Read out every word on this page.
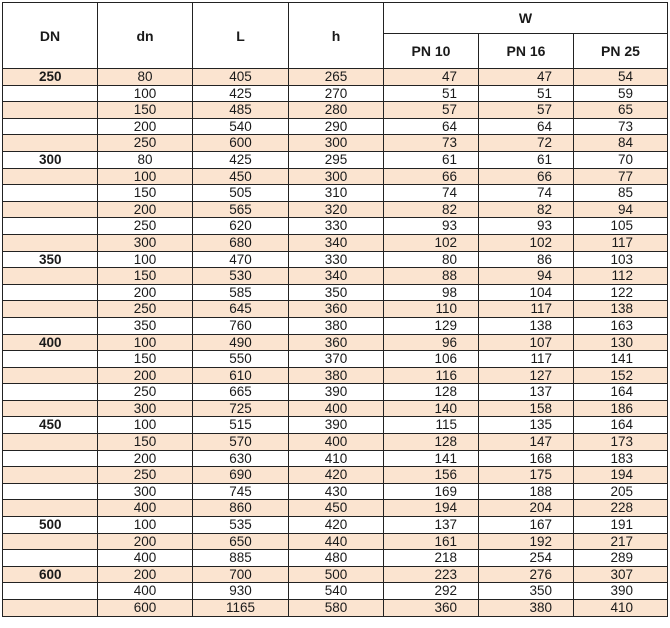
DN	dn	L	h	W		
				PN 10	PN 16	PN 25
250	80	405	265	47	47	54
	100	425	270	51	51	59
	150	485	280	57	57	65
	200	540	290	64	64	73
	250	600	300	73	72	84
300	80	425	295	61	61	70
	100	450	300	66	66	77
	150	505	310	74	74	85
	200	565	320	82	82	94
	250	620	330	93	93	105
	300	680	340	102	102	117
350	100	470	330	80	86	103
	150	530	340	88	94	112
	200	585	350	98	104	122
	250	645	360	110	117	138
	350	760	380	129	138	163
400	100	490	360	96	107	130
	150	550	370	106	117	141
	200	610	380	116	127	152
	250	665	390	128	137	164
	300	725	400	140	158	186
450	100	515	390	115	135	164
	150	570	400	128	147	173
	200	630	410	141	168	183
	250	690	420	156	175	194
	300	745	430	169	188	205
	400	860	450	194	204	228
500	100	535	420	137	167	191
	200	650	440	161	192	217
	400	885	480	218	254	289
600	200	700	500	223	276	307
	400	930	540	292	350	390
	600	1165	580	360	380	410
